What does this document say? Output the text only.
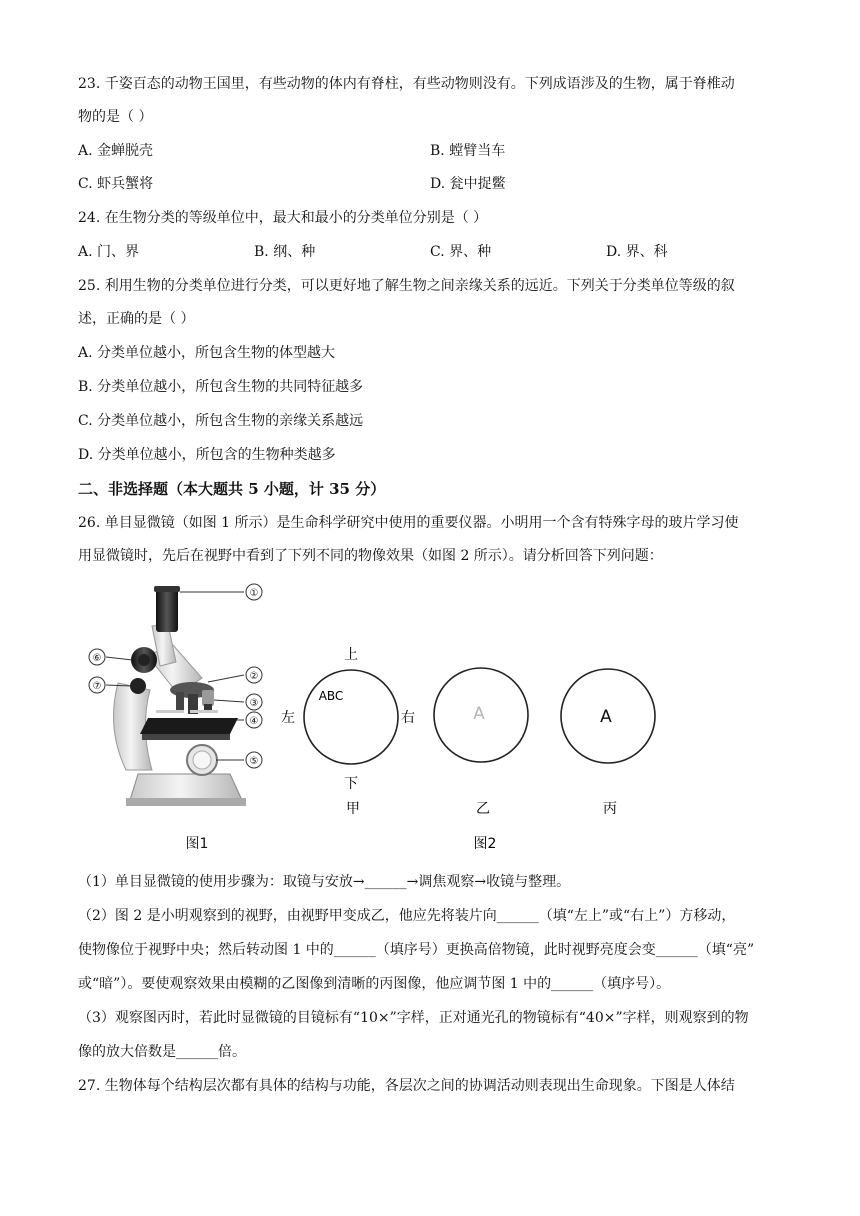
23. 千姿百态的动物王国里，有些动物的体内有脊柱，有些动物则没有。下列成语涉及的生物，属于脊椎动
物的是（ ）
A. 金蝉脱壳	B. 螳臂当车
C. 虾兵蟹将	D. 瓮中捉鳖
24. 在生物分类的等级单位中，最大和最小的分类单位分别是（ ）
A. 门、界	B. 纲、种	C. 界、种	D. 界、科
25. 利用生物的分类单位进行分类，可以更好地了解生物之间亲缘关系的远近。下列关于分类单位等级的叙
述，正确的是（ ）
A. 分类单位越小，所包含生物的体型越大
B. 分类单位越小，所包含生物的共同特征越多
C. 分类单位越小，所包含生物的亲缘关系越远
D. 分类单位越小，所包含的生物种类越多
二、非选择题（本大题共 5 小题，计 35 分）
26. 单目显微镜（如图 1 所示）是生命科学研究中使用的重要仪器。小明用一个含有特殊字母的玻片学习使
用显微镜时，先后在视野中看到了下列不同的物像效果（如图 2 所示）。请分析回答下列问题：
①
②
③
④
⑤
⑥
⑦
图1
上
下
左	右
ABC
A	A
甲	乙	丙
图2
（1）单目显微镜的使用步骤为：取镜与安放→______→调焦观察→收镜与整理。
（2）图 2 是小明观察到的视野，由视野甲变成乙，他应先将装片向______（填“左上”或“右上”）方移动，
使物像位于视野中央；然后转动图 1 中的______（填序号）更换高倍物镜，此时视野亮度会变______（填“亮”
或“暗”）。要使观察效果由模糊的乙图像到清晰的丙图像，他应调节图 1 中的______（填序号）。
（3）观察图丙时，若此时显微镜的目镜标有“10×”字样，正对通光孔的物镜标有“40×”字样，则观察到的物
像的放大倍数是______倍。
27. 生物体每个结构层次都有具体的结构与功能，各层次之间的协调活动则表现出生命现象。下图是人体结
